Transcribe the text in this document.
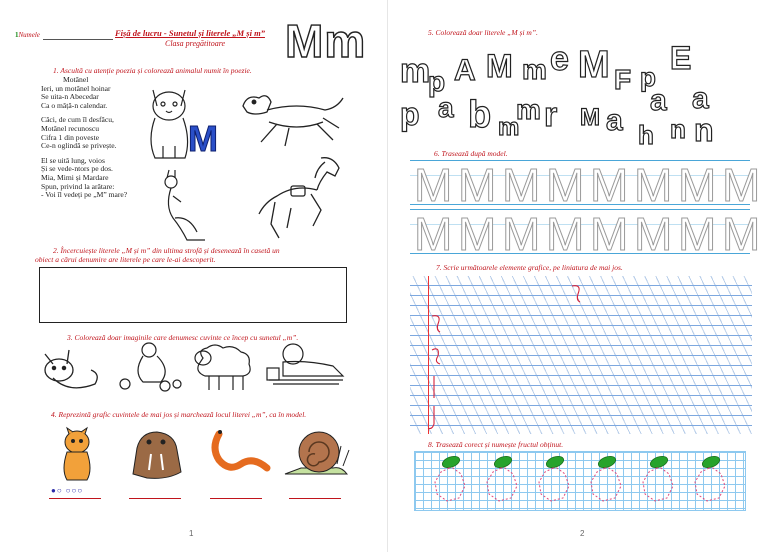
1Numele	Fișă de lucru - Sunetul și literele „M și m”
Clasa pregătitoare Mm
1. Ascultă cu atenție poezia și colorează animalul numit în poezie.
Motănel
Ieri, un motănel hoinar
Se uita-n Abecedar
Ca o mâță-n calendar.
Căci, de cum îl desfăcu,
Motănel recunoscu
Cifra 1 din poveste
Ce-n oglindă se privește.
El se uită lung, voios
Și se vede-ntors pe dos.
Mia, Mimi și Mardare
Spun, privind la arătare:
- Voi îl vedeți pe „M” mare?
M
2. Încercuiește literele „M și m” din ultima strofă și desenează în casetă un
obiect a cărui denumire are literele pe care le-ai descoperit.
3. Colorează doar imaginile care denumesc cuvinte ce încep cu sunetul „m”.
4. Reprezintă grafic cuvintele de mai jos și marchează locul literei „m”, ca în model.
●○ ○○○
1
5. Colorează doar literele „M și m”.
m
p A M m e M F p
E
p a b m
m r M a h
a
n
a
n
6. Trasează după model.
M M M M M M M M
M M M M M M M M
7. Scrie următoarele elemente grafice, pe liniatura de mai jos.
8. Trasează corect și numește fructul obținut.
2
